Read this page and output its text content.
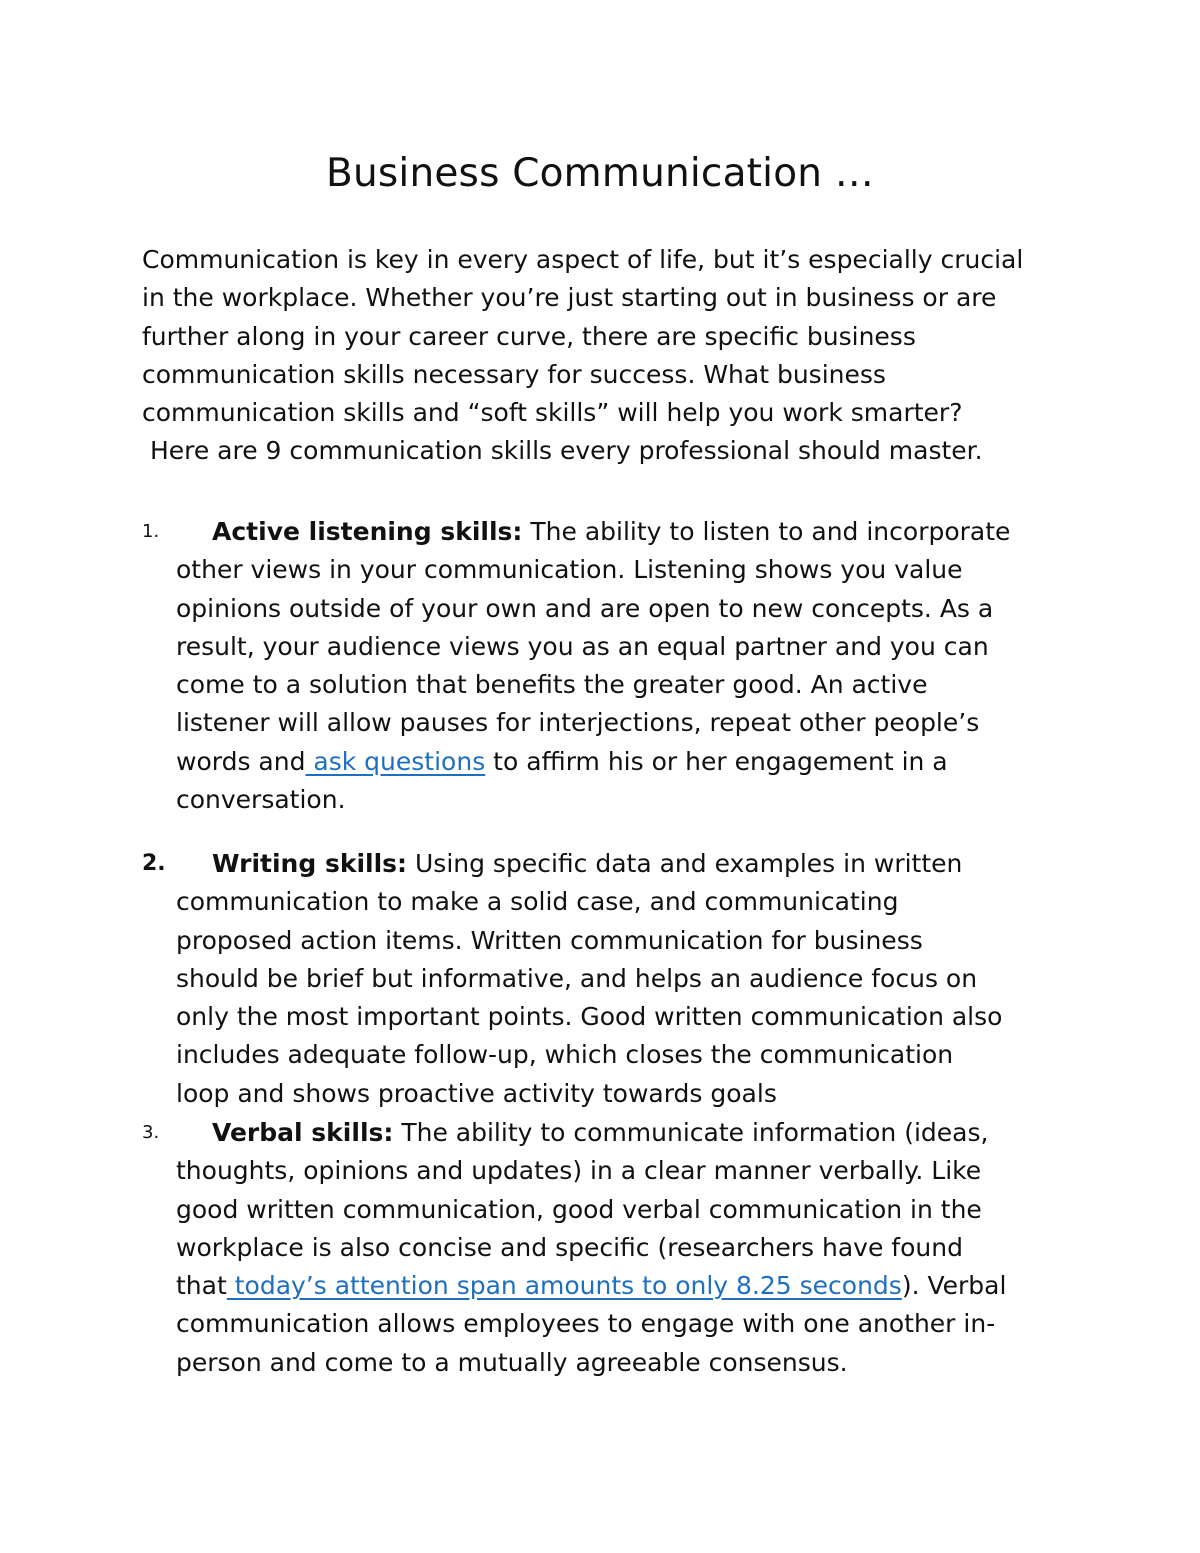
Business Communication …
Communication is key in every aspect of life, but it’s especially crucial
in the workplace. Whether you’re just starting out in business or are
further along in your career curve, there are specific business
communication skills necessary for success. What business
communication skills and “soft skills” will help you work smarter?
Here are 9 communication skills every professional should master.
1.	Active listening skills: The ability to listen to and incorporate
other views in your communication. Listening shows you value
opinions outside of your own and are open to new concepts. As a
result, your audience views you as an equal partner and you can
come to a solution that benefits the greater good. An active
listener will allow pauses for interjections, repeat other people’s
words and ask questions to affirm his or her engagement in a
conversation.
2.	Writing skills: Using specific data and examples in written
communication to make a solid case, and communicating
proposed action items. Written communication for business
should be brief but informative, and helps an audience focus on
only the most important points. Good written communication also
includes adequate follow-up, which closes the communication
loop and shows proactive activity towards goals
3.	Verbal skills: The ability to communicate information (ideas,
thoughts, opinions and updates) in a clear manner verbally. Like
good written communication, good verbal communication in the
workplace is also concise and specific (researchers have found
that today’s attention span amounts to only 8.25 seconds). Verbal
communication allows employees to engage with one another in-
person and come to a mutually agreeable consensus.
